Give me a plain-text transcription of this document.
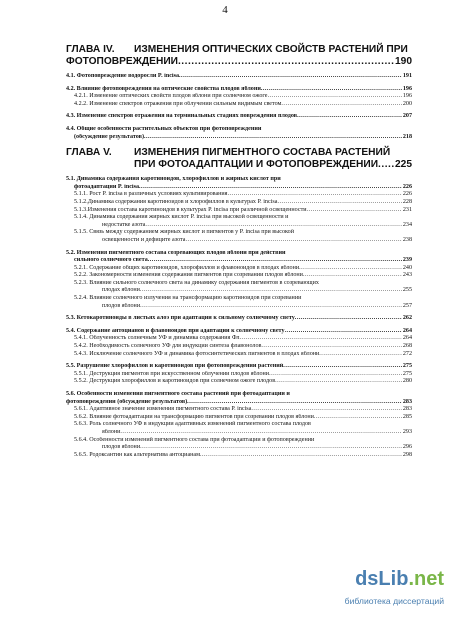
4
ГЛАВА IV.	ИЗМЕНЕНИЯ ОПТИЧЕСКИХ СВОЙСТВ РАСТЕНИЙ ПРИ
ФОТОПОВРЕЖДЕНИИ .....	190
4.1. Фотоповреждение водоросли P. incisa .....	191
4.2. Влияние фотоповреждения на оптические свойства плодов яблони .....	196
4.2.1. Изменение оптических свойств плодов яблони при солнечном ожоге .....	196
4.2.2. Изменение спектров отражения при облучении сильным видимым светом .....	200
4.3. Изменение спектров отражения на терминальных стадиях повреждения плодов .....	207
4.4. Общие особенности растительных объектов при фотоповреждении
(обсуждение результатов) .....	218
ГЛАВА V.	ИЗМЕНЕНИЯ ПИГМЕНТНОГО СОСТАВА РАСТЕНИЙ
ПРИ ФОТОАДАПТАЦИИ И ФОТОПОВРЕЖДЕНИИ ..... 225
5.1. Динамика содержания каротиноидов, хлорофиллов и жирных кислот при
фотоадаптации P. incisa .....	226
5.1.1. Рост P. incisa в различных условиях культивирования .....	226
5.1.2.Динамика содержания каротиноидов и хлорофиллов в культурах P. incisa .....	228
5.1.3.Изменения состава каротиноидов в культурах P. incisa при различной освещенности .....	231
5.1.4. Динамика содержания жирных кислот P. incisa при высокой освещенности и
недостатке азота .....	234
5.1.5. Связь между содержанием жирных кислот и пигментов у P. incisa при высокой
освещенности и дефиците азота .....	238
5.2. Изменения пигментного состава созревающих плодов яблони при действии
сильного солнечного света .....	239
5.2.1. Содержание общих каротиноидов, хлорофиллов и флавоноидов в плодах яблони .....	240
5.2.2. Закономерности изменения содержания пигментов при созревании плодов яблони .....	243
5.2.3. Влияние сильного солнечного света на динамику содержания пигментов в созревающих
плодах яблони .....	255
5.2.4. Влияние солнечного излучения на трансформацию каротиноидов при созревании
плодов яблони .....	257
5.3. Кетокаротиноиды в листьях алоэ при адаптации к сильному солнечному свету .....	262
5.4. Содержание антоцианов и флавоноидов при адаптации к солнечному свету .....	264
5.4.1. Облученность солнечным УФ и динамика содержания Фл .....	264
5.4.2. Необходимость солнечного УФ для индукции синтеза флавонолов .....	268
5.4.3. Исключение солнечного УФ и динамика фотосинтетических пигментов в плодах яблони .....	272
5.5. Разрушение хлорофиллов и каротиноидов при фотоповреждении растений .....	275
5.5.1. Деструкция пигментов при искусственном облучении плодов яблони .....	275
5.5.2. Деструкция хлорофиллов и каротиноидов при солнечном ожоге плодов .....	280
5.6. Особенности изменения пигментного состава растений при фотоадаптации и
фотоповреждении (обсуждение результатов) .....	283
5.6.1. Адаптивное значение изменения пигментного состава P. incisa .....	283
5.6.2. Влияние фотоадаптации на трансформацию пигментов при созревании плодов яблони .....	285
5.6.3. Роль солнечного УФ в индукции адаптивных изменений пигментного состава плодов
яблони .....	293
5.6.4. Особенности изменений пигментного состава при фотоадаптации и фотоповреждении
плодов яблони .....	296
5.6.5. Родоксантин как альтернатива антоцианам .....	298
dsLib.net
библиотека диссертаций
